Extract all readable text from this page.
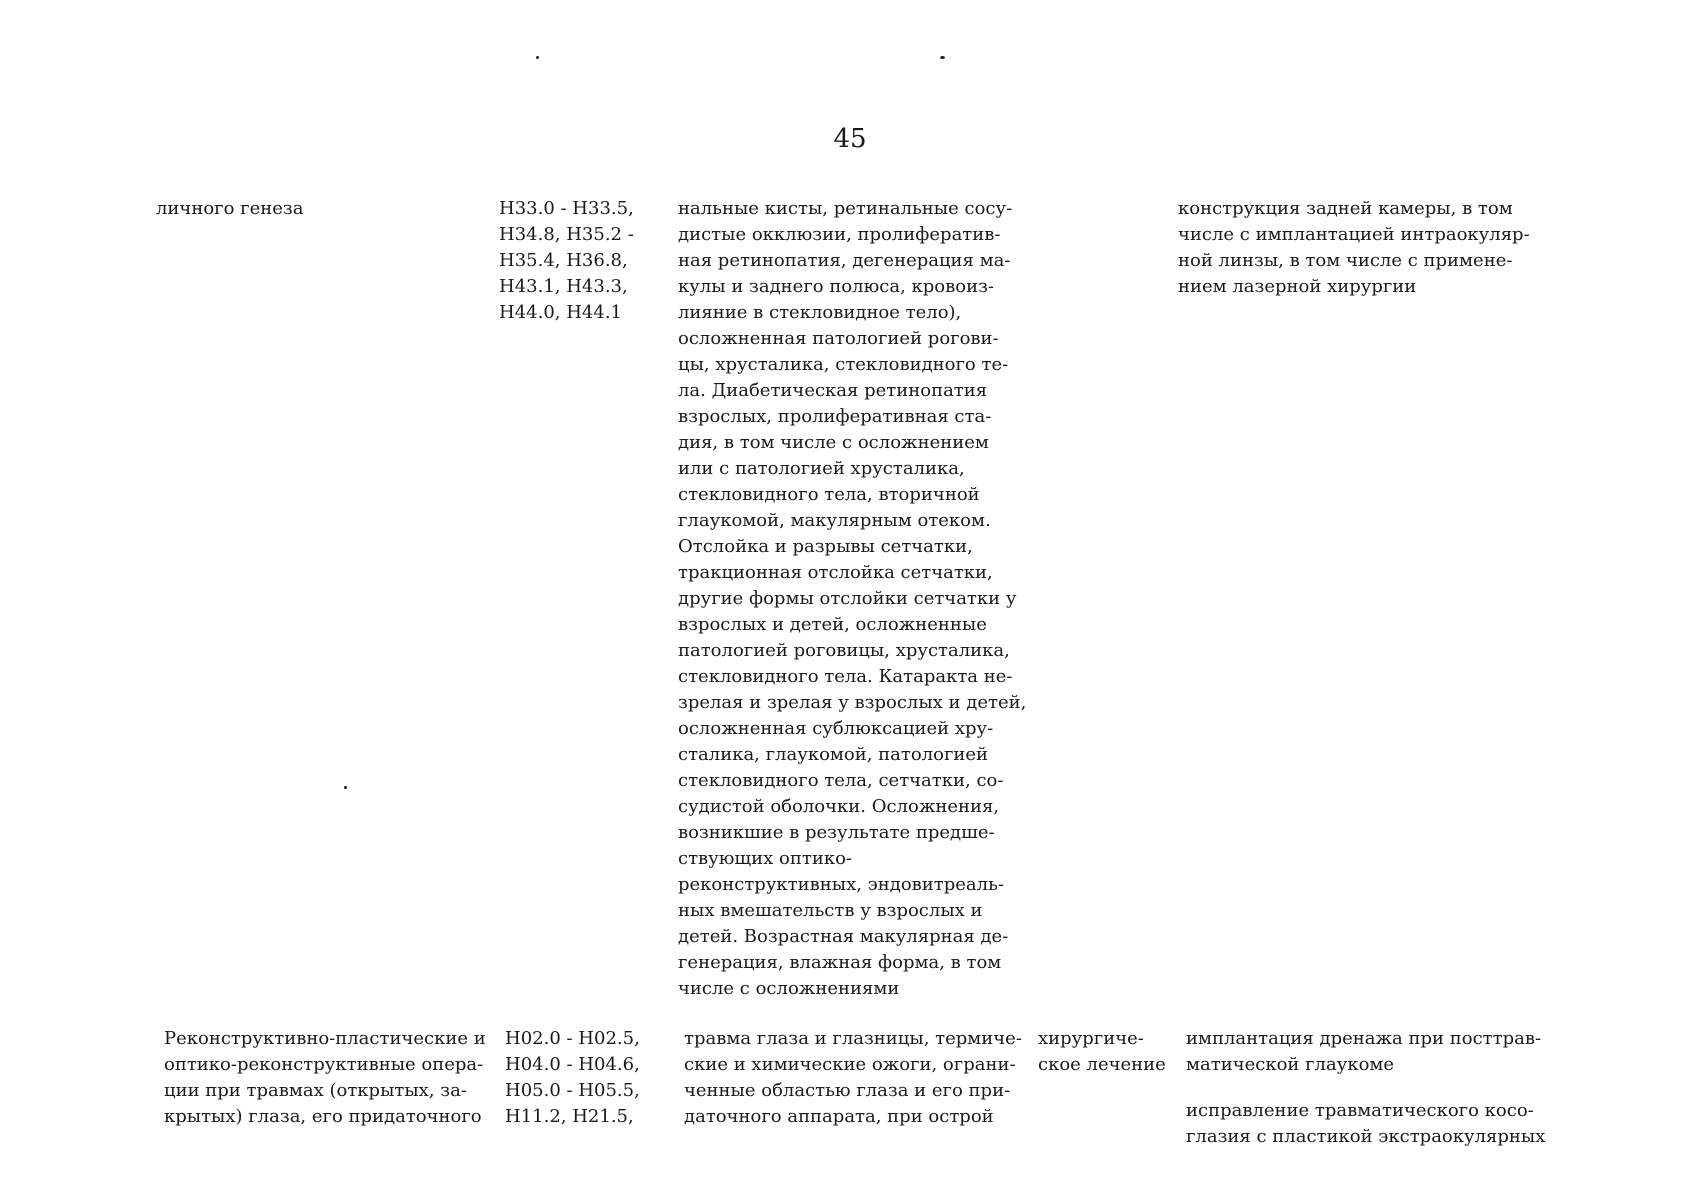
45
личного генеза	H33.0 - H33.5,
H34.8, H35.2 -
H35.4, H36.8,
H43.1, H43.3,
H44.0, H44.1
нальные кисты, ретинальные сосу-
дистые окклюзии, пролифератив-
ная ретинопатия, дегенерация ма-
кулы и заднего полюса, кровоиз-
лияние в стекловидное тело),
осложненная патологией рогови-
цы, хрусталика, стекловидного те-
ла. Диабетическая ретинопатия
взрослых, пролиферативная ста-
дия, в том числе с осложнением
или с патологией хрусталика,
стекловидного тела, вторичной
глаукомой, макулярным отеком.
Отслойка и разрывы сетчатки,
тракционная отслойка сетчатки,
другие формы отслойки сетчатки у
взрослых и детей, осложненные
патологией роговицы, хрусталика,
стекловидного тела. Катаракта не-
зрелая и зрелая у взрослых и детей,
осложненная сублюксацией хру-
сталика, глаукомой, патологией
стекловидного тела, сетчатки, со-
судистой оболочки. Осложнения,
возникшие в результате предше-
ствующих оптико-
реконструктивных, эндовитреаль-
ных вмешательств у взрослых и
детей. Возрастная макулярная де-
генерация, влажная форма, в том
числе с осложнениями
конструкция задней камеры, в том
числе с имплантацией интраокуляр-
ной линзы, в том числе с примене-
нием лазерной хирургии
Реконструктивно-пластические и
оптико-реконструктивные опера-
ции при травмах (открытых, за-
крытых) глаза, его придаточного
H02.0 - H02.5,
H04.0 - H04.6,
H05.0 - H05.5,
H11.2, H21.5,
травма глаза и глазницы, термиче-
ские и химические ожоги, ограни-
ченные областью глаза и его при-
даточного аппарата, при острой
хирургиче-
ское лечение
имплантация дренажа при посттрав-
матической глаукоме
исправление травматического косо-
глазия с пластикой экстраокулярных
